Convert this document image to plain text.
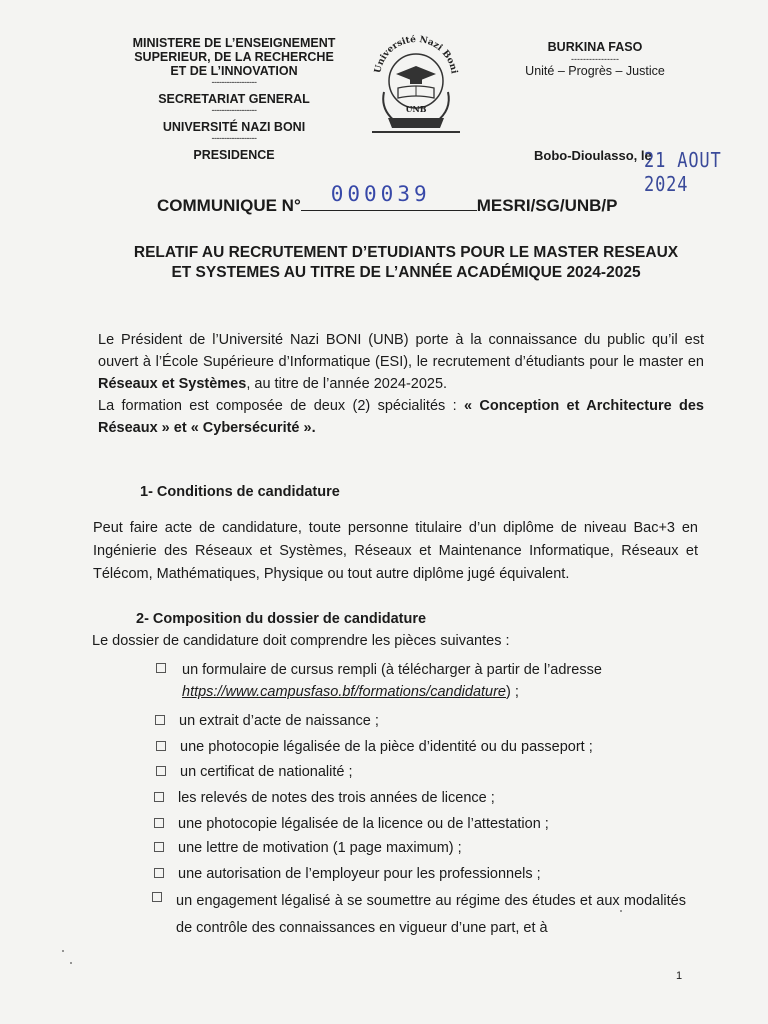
MINISTERE DE L’ENSEIGNEMENT
SUPERIEUR, DE LA RECHERCHE
ET DE L’INNOVATION
------------------
SECRETARIAT GENERAL
------------------
UNIVERSITÉ NAZI BONI
------------------
PRESIDENCE
Université Nazi Boni
UNB
BURKINA FASO
----------------
Unité – Progrès – Justice
Bobo-Dioulasso, le
21 AOUT 2024
COMMUNIQUE N° 000039	MESRI/SG/UNB/P
RELATIF AU RECRUTEMENT D’ETUDIANTS POUR LE MASTER RESEAUX
ET SYSTEMES AU TITRE DE L’ANNÉE ACADÉMIQUE 2024-2025

Le Président de l’Université Nazi BONI (UNB) porte à la connaissance du public qu’il est ouvert à l’École Supérieure d’Informatique (ESI), le recrutement d’étudiants pour le master en Réseaux et Systèmes, au titre de l’année 2024-2025.

La formation est composée de deux (2) spécialités : « Conception et Architecture des Réseaux » et « Cybersécurité ».

1- Conditions de candidature
Peut faire acte de candidature, toute personne titulaire d’un diplôme de niveau Bac+3 en Ingénierie des Réseaux et Systèmes, Réseaux et Maintenance Informatique, Réseaux et Télécom, Mathématiques, Physique ou tout autre diplôme jugé équivalent.
2- Composition du dossier de candidature
Le dossier de candidature doit comprendre les pièces suivantes :
un formulaire de cursus rempli (à télécharger à partir de l’adresse
https://www.campusfaso.bf/formations/candidature) ;
un extrait d’acte de naissance ;
une photocopie légalisée de la pièce d’identité ou du passeport ;
un certificat de nationalité ;
les relevés de notes des trois années de licence ;
une photocopie légalisée de la licence ou de l’attestation ;
une lettre de motivation (1 page maximum) ;
une autorisation de l’employeur pour les professionnels ;
un engagement légalisé à se soumettre au régime des études et aux modalités de contrôle des connaissances en vigueur d’une part, et à
1
